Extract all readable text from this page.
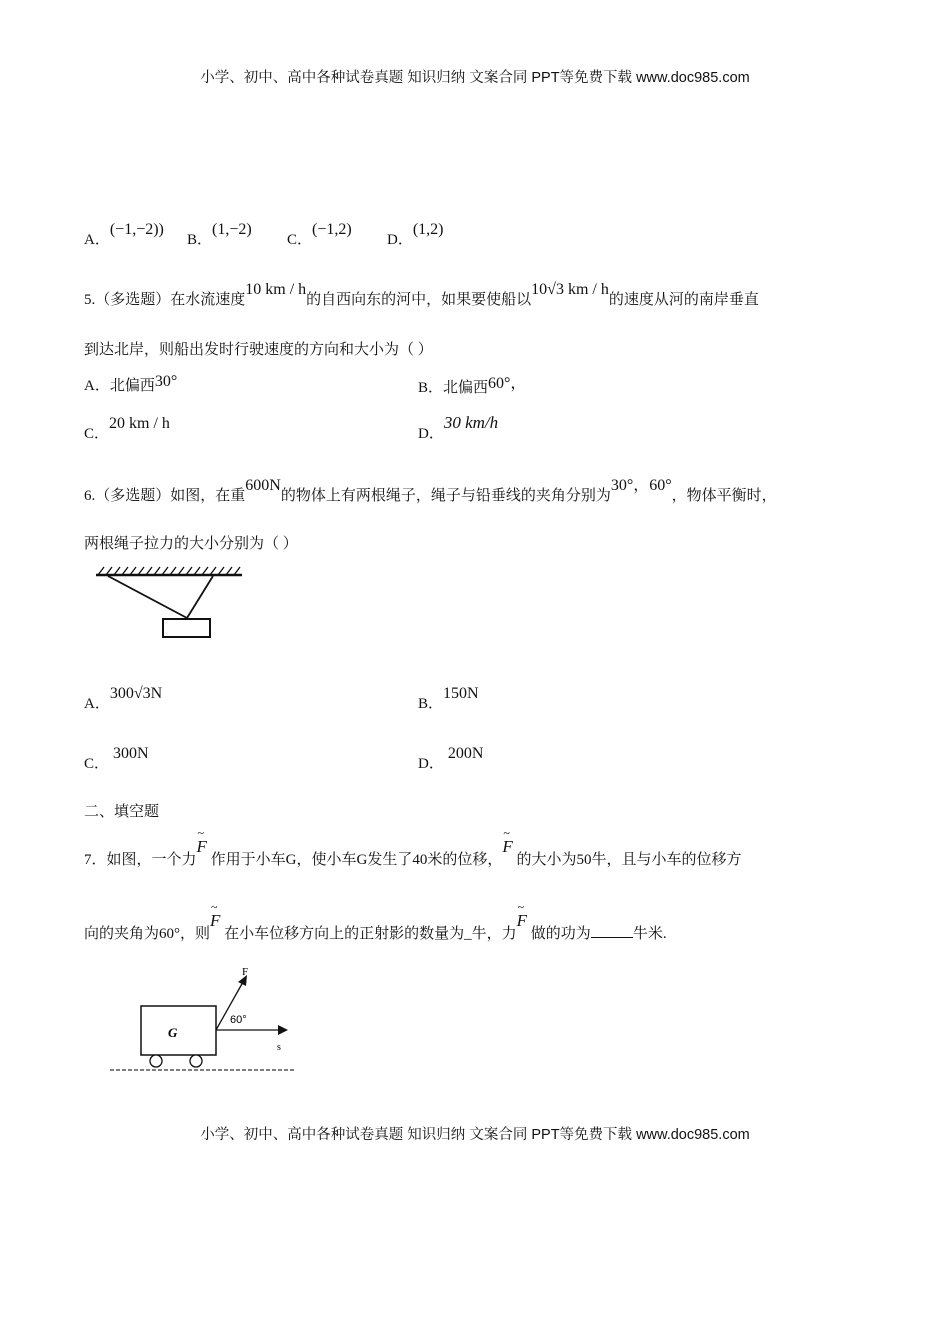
小学、初中、高中各种试卷真题 知识归纳 文案合同 PPT等免费下载 www.doc985.com
A．(−1,−2))
B．(1,−2)
C．(−1,2)
D．(1,2)
5.（多选题）在水流速度10 km / h的自西向东的河中，如果要使船以10√3 km / h的速度从河的南岸垂直
到达北岸，则船出发时行驶速度的方向和大小为（ ）
A．北偏西30°	B．北偏西60°，
C．20 km / h
D．30 km/h
6.（多选题）如图，在重600N的物体上有两根绳子，绳子与铅垂线的夹角分别为30°，60°，物体平衡时，
两根绳子拉力的大小分别为（ ）
A．300√3N
B．150N
C．300N
D．200N
二、填空题
7．如图，一个力~ F 作用于小车G，使小车G发生了40米的位移，~ F 的大小为50牛，且与小车的位移方
向的夹角为60°，则~ F 在小车位移方向上的正射影的数量为_牛，力~ F 做的功为	牛米.
G
F
60°
s
小学、初中、高中各种试卷真题 知识归纳 文案合同 PPT等免费下载 www.doc985.com
